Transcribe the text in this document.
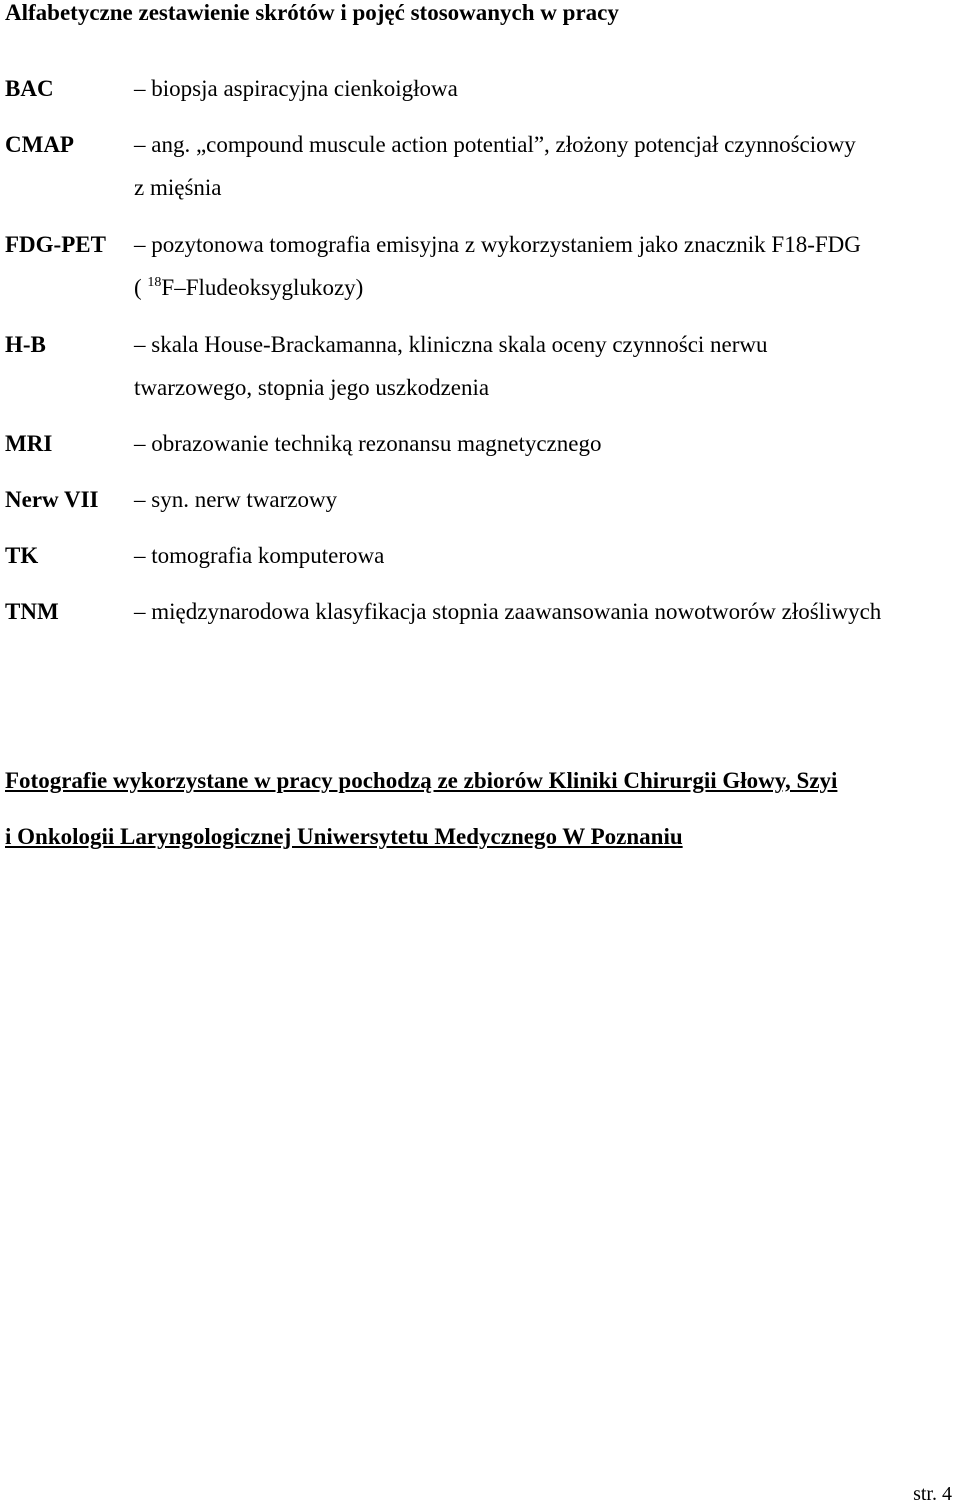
Alfabetyczne zestawienie skrótów i pojęć stosowanych w pracy
BAC	– biopsja aspiracyjna cienkoigłowa
CMAP	– ang. „compound muscule action potential”, złożony potencjał czynnościowy
z mięśnia
FDG-PET – pozytonowa tomografia emisyjna z wykorzystaniem jako znacznik F18-FDG
( $^{18}$F–Fludeoksyglukozy)
H-B	– skala House-Brackamanna, kliniczna skala oceny czynności nerwu
twarzowego, stopnia jego uszkodzenia
MRI	– obrazowanie techniką rezonansu magnetycznego
Nerw VII – syn. nerw twarzowy
TK	– tomografia komputerowa
TNM	– międzynarodowa klasyfikacja stopnia zaawansowania nowotworów złośliwych
Fotografie wykorzystane w pracy pochodzą ze zbiorów Kliniki Chirurgii Głowy, Szyi
i Onkologii Laryngologicznej Uniwersytetu Medycznego W Poznaniu
str. 4
